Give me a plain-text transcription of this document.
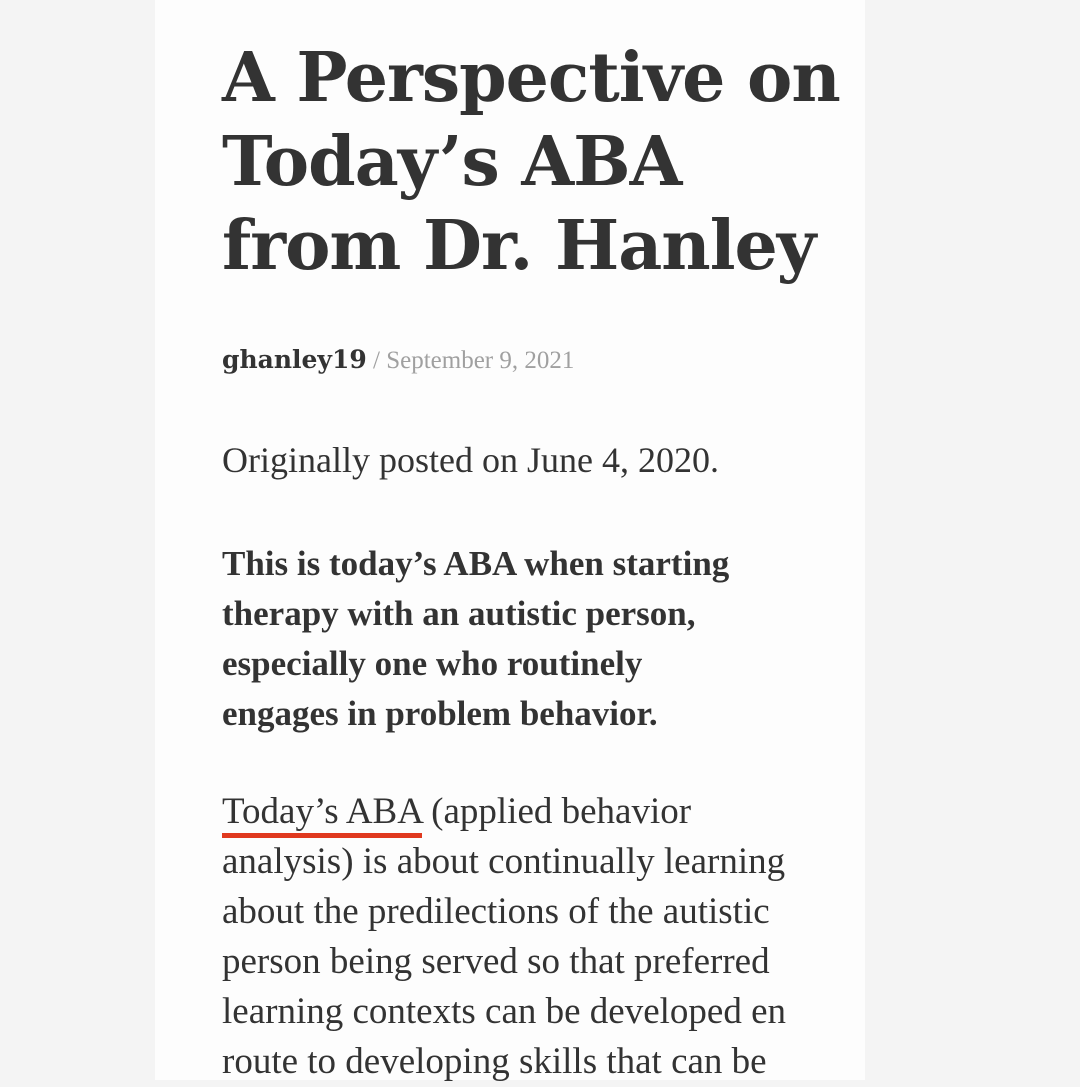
A Perspective on
Today’s ABA
from Dr. Hanley
ghanley19 / September 9, 2021
Originally posted on June 4, 2020.
This is today’s ABA when starting
therapy with an autistic person,
especially one who routinely
engages in problem behavior.
Today’s ABA (applied behavior
analysis) is about continually learning
about the predilections of the autistic
person being served so that preferred
learning contexts can be developed en
route to developing skills that can be
